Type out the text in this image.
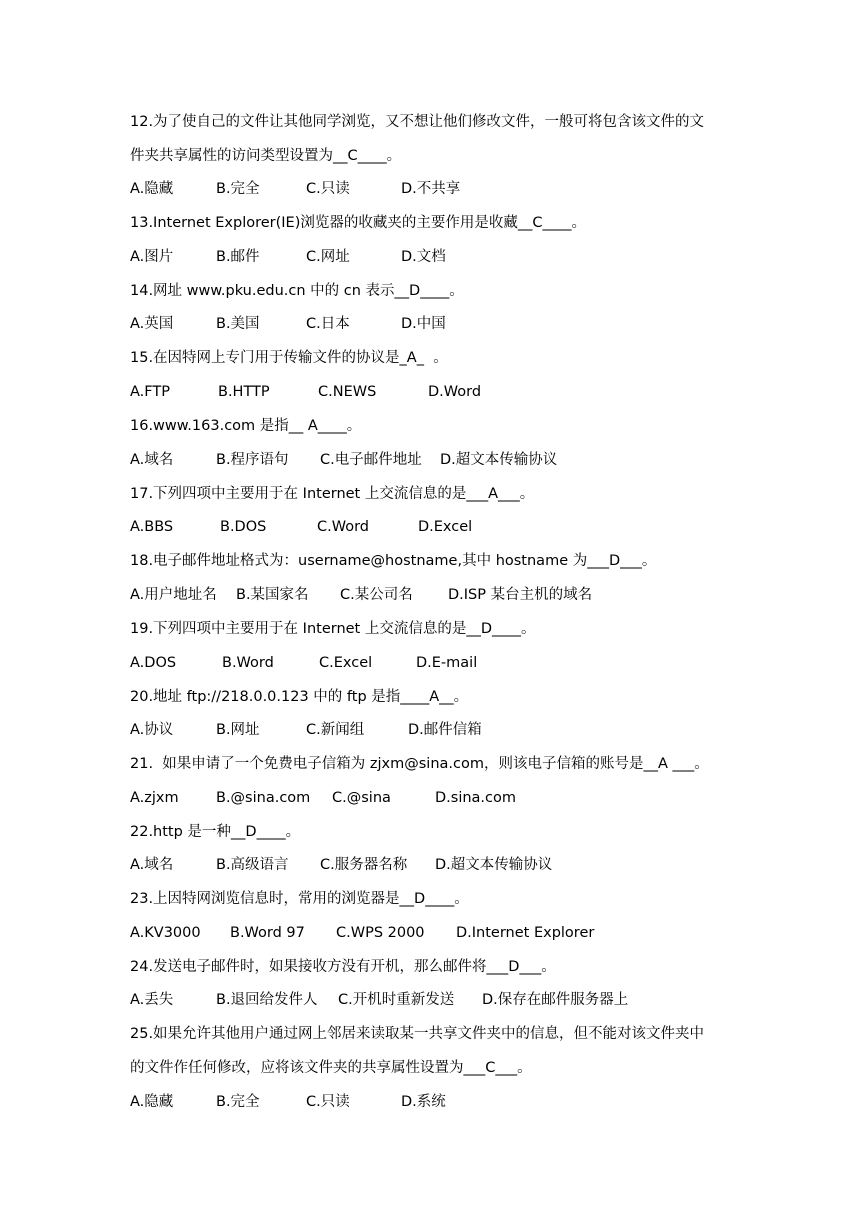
12.为了使自己的文件让其他同学浏览，又不想让他们修改文件，一般可将包含该文件的文
件夹共享属性的访问类型设置为__C____。

A.隐藏

	B.完全

	C.只读

	D.不共享

13.Internet Explorer(IE)浏览器的收藏夹的主要作用是收藏__C____。

A.图片

	B.邮件

	C.网址

	D.文档

14.网址 www.pku.edu.cn 中的 cn 表示__D____。

A.英国

	B.美国

	C.日本

	D.中国

15.在因特网上专门用于传输文件的协议是_A_  。

A.FTP

	B.HTTP

	C.NEWS

	D.Word

16.www.163.com 是指__ A____。

A.域名

	B.程序语句

C.电子邮件地址

D.超文本传输协议

17.下列四项中主要用于在 Internet 上交流信息的是___A___。

A.BBS

	B.DOS

	C.Word

	D.Excel

18.电子邮件地址格式为：username@hostname,其中 hostname 为___D___。

A.用户地址名

B.某国家名

C.某公司名

D.ISP 某台主机的域名

19.下列四项中主要用于在 Internet 上交流信息的是__D____。

A.DOS

	B.Word

	C.Excel

	D.E-mail

20.地址 ftp://218.0.0.123 中的 ftp 是指____A__。

A.协议

	B.网址

	C.新闻组

	D.邮件信箱

21.  如果申请了一个免费电子信箱为 zjxm@sina.com，则该电子信箱的账号是__A ___。

A.zjxm

	B.@sina.com

C.@sina

	D.sina.com

22.http 是一种__D____。

A.域名

	B.高级语言

C.服务器名称

D.超文本传输协议

23.上因特网浏览信息时，常用的浏览器是__D____。

A.KV3000

B.Word 97

C.WPS 2000

D.Internet Explorer

24.发送电子邮件时，如果接收方没有开机，那么邮件将___D___。

A.丢失

	B.退回给发件人

C.开机时重新发送

D.保存在邮件服务器上

25.如果允许其他用户通过网上邻居来读取某一共享文件夹中的信息，但不能对该文件夹中
的文件作任何修改，应将该文件夹的共享属性设置为___C___。

A.隐藏

	B.完全

	C.只读

	D.系统
